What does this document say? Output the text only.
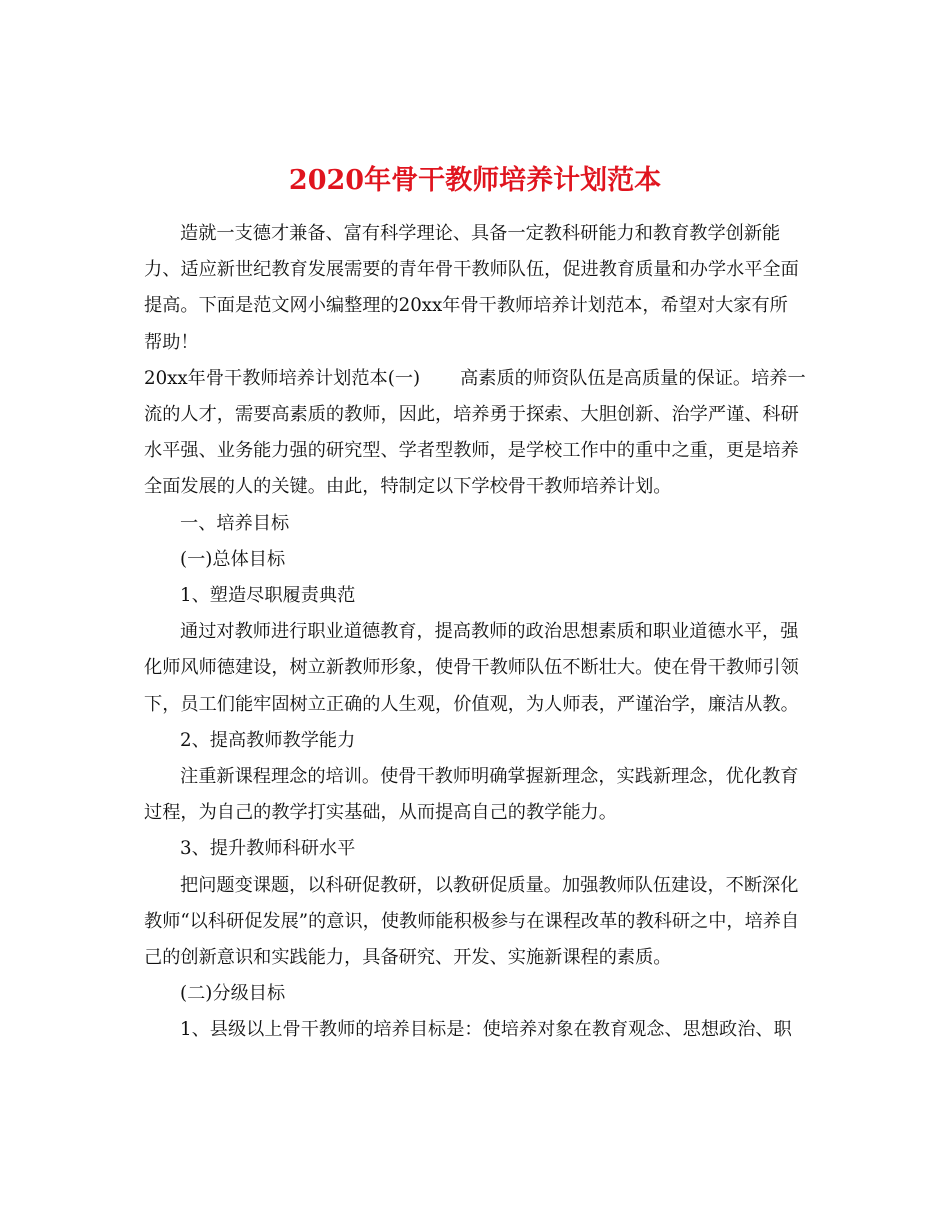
2020年骨干教师培养计划范本

造就一支德才兼备、富有科学理论、具备一定教科研能力和教育教学创新能力、适应新世纪教育发展需要的青年骨干教师队伍，促进教育质量和办学水平全面提高。下面是范文网小编整理的20xx年骨干教师培养计划范本，希望对大家有所帮助！

20xx年骨干教师培养计划范本(一) 高素质的师资队伍是高质量的保证。培养一流的人才，需要高素质的教师，因此，培养勇于探索、大胆创新、治学严谨、科研水平强、业务能力强的研究型、学者型教师，是学校工作中的重中之重，更是培养全面发展的人的关键。由此，特制定以下学校骨干教师培养计划。

一、培养目标

(一)总体目标

1、塑造尽职履责典范

通过对教师进行职业道德教育，提高教师的政治思想素质和职业道德水平，强化师风师德建设，树立新教师形象，使骨干教师队伍不断壮大。使在骨干教师引领下，员工们能牢固树立正确的人生观，价值观，为人师表，严谨治学，廉洁从教。

2、提高教师教学能力

注重新课程理念的培训。使骨干教师明确掌握新理念，实践新理念，优化教育过程，为自己的教学打实基础，从而提高自己的教学能力。

3、提升教师科研水平

把问题变课题，以科研促教研，以教研促质量。加强教师队伍建设，不断深化教师“以科研促发展”的意识，使教师能积极参与在课程改革的教科研之中，培养自己的创新意识和实践能力，具备研究、开发、实施新课程的素质。

(二)分级目标

1、县级以上骨干教师的培养目标是：使培养对象在教育观念、思想政治、职
